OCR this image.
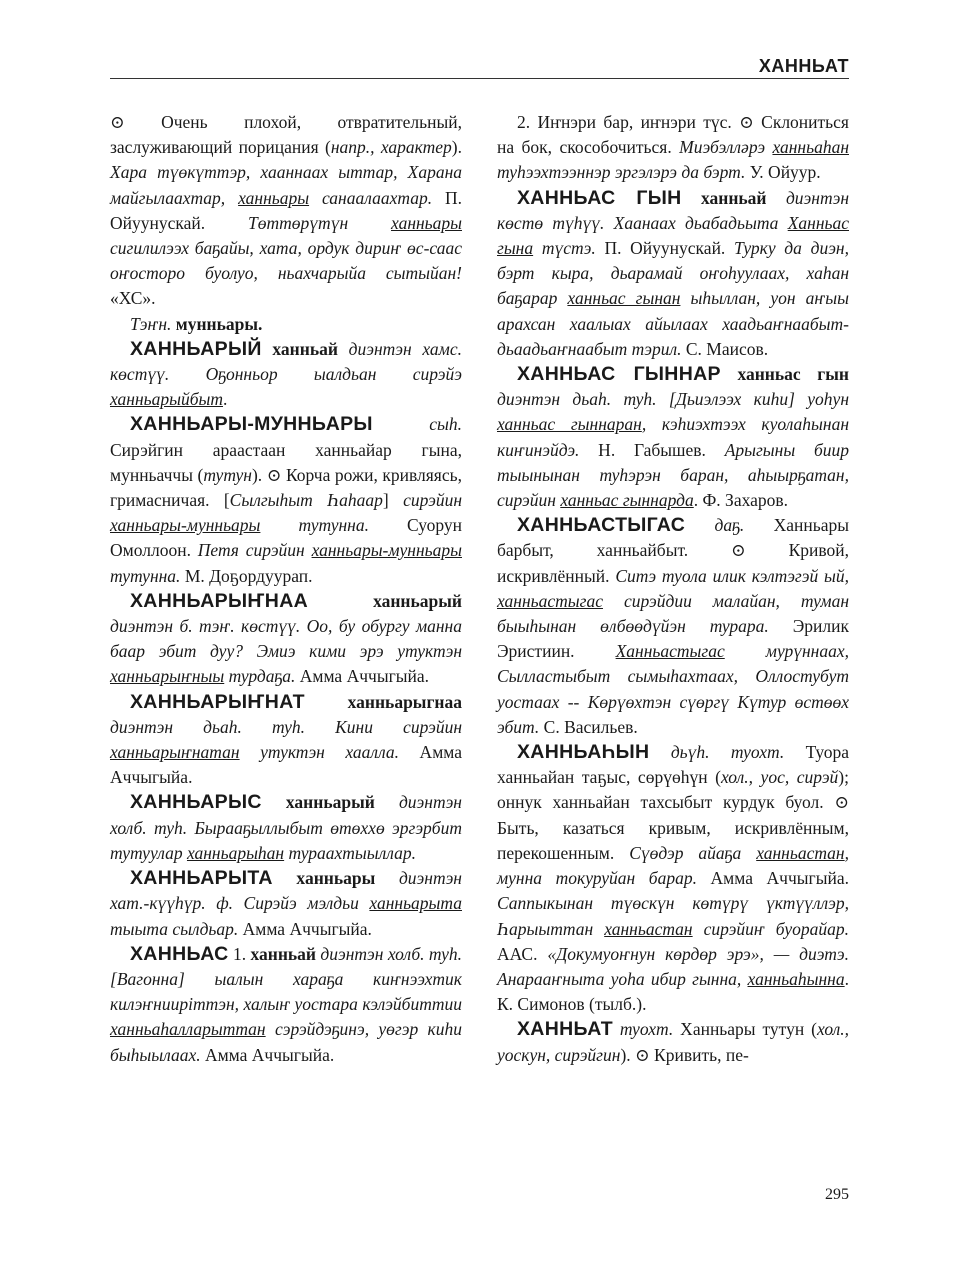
ХАННЬАТ

⊙ Очень плохой, отвратительный, заслуживающий порицания (напр., характер). Хара түөкүттэр, хааннаах ыттар, Харана майгылаахтар, ханньары санаалаахтар. П. Ойуунускай. Төттөрүтүн ханньары сигилилээх баҕайы, хата, ордук дириҥ өс-саас оҥосторо буолуо, ньахчарыйа сытыйан! «ХС».

Тэҥн. мунньары.

ХАННЬАРЫЙ ханньай диэнтэн хамс. көстүү. Оҕонньор ыалдьан сирэйэ ханньарыйбыт.

ХАННЬАРЫ-МУННЬАРЫ	сыһ. Сирэйгин араастаан ханньайар гына, мунньаччы (тутун). ⊙ Корча рожи, кривляясь, гримасничая. [Сылгыһыт Һаһаар] сирэйин ханньары-мунньары тутунна. Суорун Омоллоон. Петя сирэйин ханньары-мунньары тутунна. М. Доҕордуурап.

ХАННЬАРЫҤНАА	ханньарый диэнтэн б. тэҥ. көстүү. Оо, бу обургу манна баар эбит дуу? Эмиэ кими эрэ утуктэн ханньарыҥныы турдаҕа. Амма Аччыгыйа.

ХАННЬАРЫҤНАТ ханньарыгнаа диэнтэн дьаһ. туһ. Кини сирэйин ханньарыҥнатан утуктэн хаалла. Амма Аччыгыйа.

ХАННЬАРЫС ханньарый диэнтэн холб. туһ. Бырааҕыллыбыт өтөххө эргэрбит тутуулар ханньарыһан тураахтыыллар.

ХАННЬАРЫТА ханньары диэнтэн хат.-күүһүр. ф. Сирэйэ мэлдьи ханньарыта тыыта сылдьар. Амма Аччыгыйа.

ХАННЬАС 1. ханньай диэнтэн холб. туһ. [Вагонна] ыалын хараҕа киҥнээхтик килэҥнииріттэн, халыҥ уостара кэлэйбиттии ханньаһалларыттан сэрэйдэҕинэ, уөгэр киһи быһыылаах. Амма Аччыгыйа.

2. Иҥнэри бар, иҥнэри түс. ⊙ Склониться на бок, скособочиться. Миэбэлләрэ ханньаһан туһээхтээннэр эргэлэрэ да бэрт. У. Ойуур.

ХАННЬАС ГЫН ханньай диэнтэн көстө түһүү. Хаанаах дьабадьыта Ханньас гына түстэ. П. Ойуунускай. Туркy да диэн, бэрт кыра, дьарамай оҥоһуулаах, хаһан баҕарар ханньас гынан ыһыллан, уон аҥыы арахсан хаалыах айылаах хаадьаҥнаабыт-дьаадьаҥнаабыт тэрил. С. Маисов.

ХАННЬАС ГЫННАР ханньас гын диэнтэн дьаһ. туһ. [Дьиэлээх киһи] уоһун ханньас гыннаран, кэһиэхтээх куолаһынан киҥинэйдэ. Н. Габышев. Арыгыны биир тыынынан туһэрэн баран, аһыырҕатан, сирэйин ханньас гыннарда. Ф. Захаров.

ХАННЬАСТЫГАС даҕ. Ханньары барбыт, ханньайбыт. ⊙ Кривой, искривлённый. Ситэ туола илик кэлтэгэй ый, ханньастыгас сирэйдии малайан, туман быыһынан өлбөөдүйэн турара. Эрилик Эристиин. Ханньастыгас мурүннаах, Сылластыбыт сымыһахтаах, Оллостубут уостаах -- Көрүөхтэн сүөргү Күтур өстөөх эбит. С. Васильев.

ХАННЬАҺЫН дьүһ. туохт. Туора ханньайан таҕыс, сөрүөһүн (хол., уос, сирэй); оннук ханньайан тахсыбыт курдук буол. ⊙ Быть, казаться кривым, искривлённым, перекошенным. Сүөдэр айаҕа ханньастан, мунна токуруйан барар. Амма Аччыгыйа. Саппыкынан түөскүн көтүрү үктүүллэр, Һарыыттан ханньастан сирэйиҥ буорайар. ААС. «Докумуоҥнун көрдөр эрэ», — диэтэ. Анарааҥныта уоһа ибир гынна, ханньаһынна. К. Симонов (тылб.).

ХАННЬАТ туохт. Ханньары тутун (хол., уоскун, сирэйгин). ⊙ Кривить, пе-

295
